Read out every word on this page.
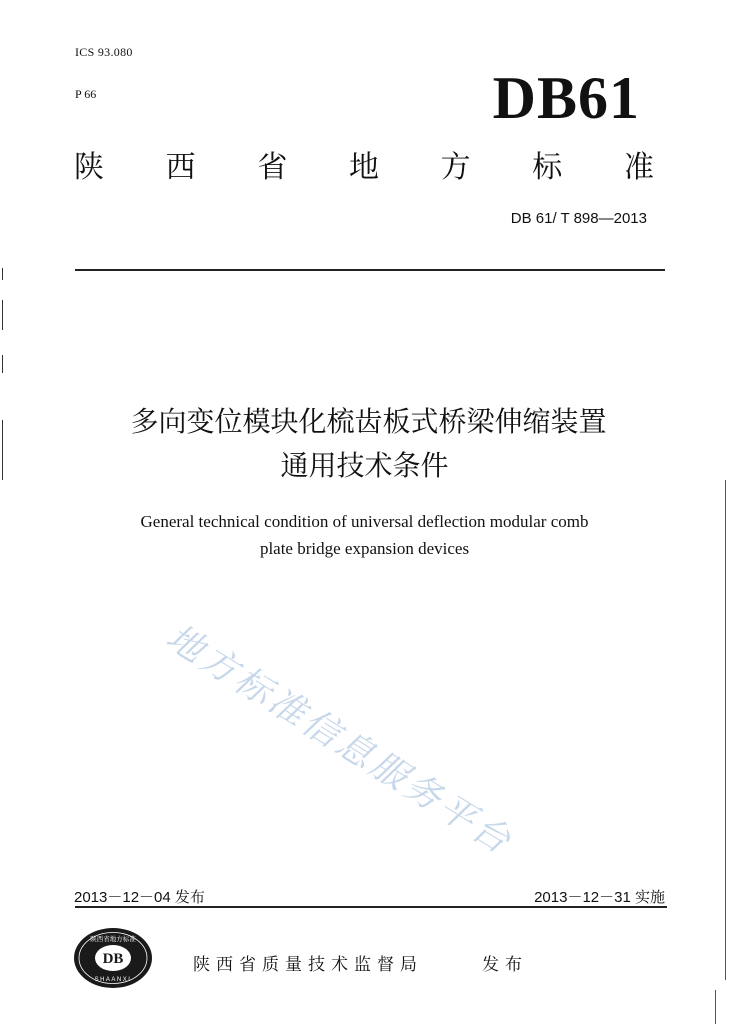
ICS 93.080
P 66	DB61
陕 西 省 地 方 标 准
DB 61/ T 898—2013
多向变位模块化梳齿板式桥梁伸缩装置
通用技术条件
General technical condition of universal deflection modular comb
plate bridge expansion devices
地方标准信息服务平台
2013－12－04 发布	2013－12－31 实施
陕西省地方标准
DB
SHAANXI
陕西省质量技术监督局	发布
